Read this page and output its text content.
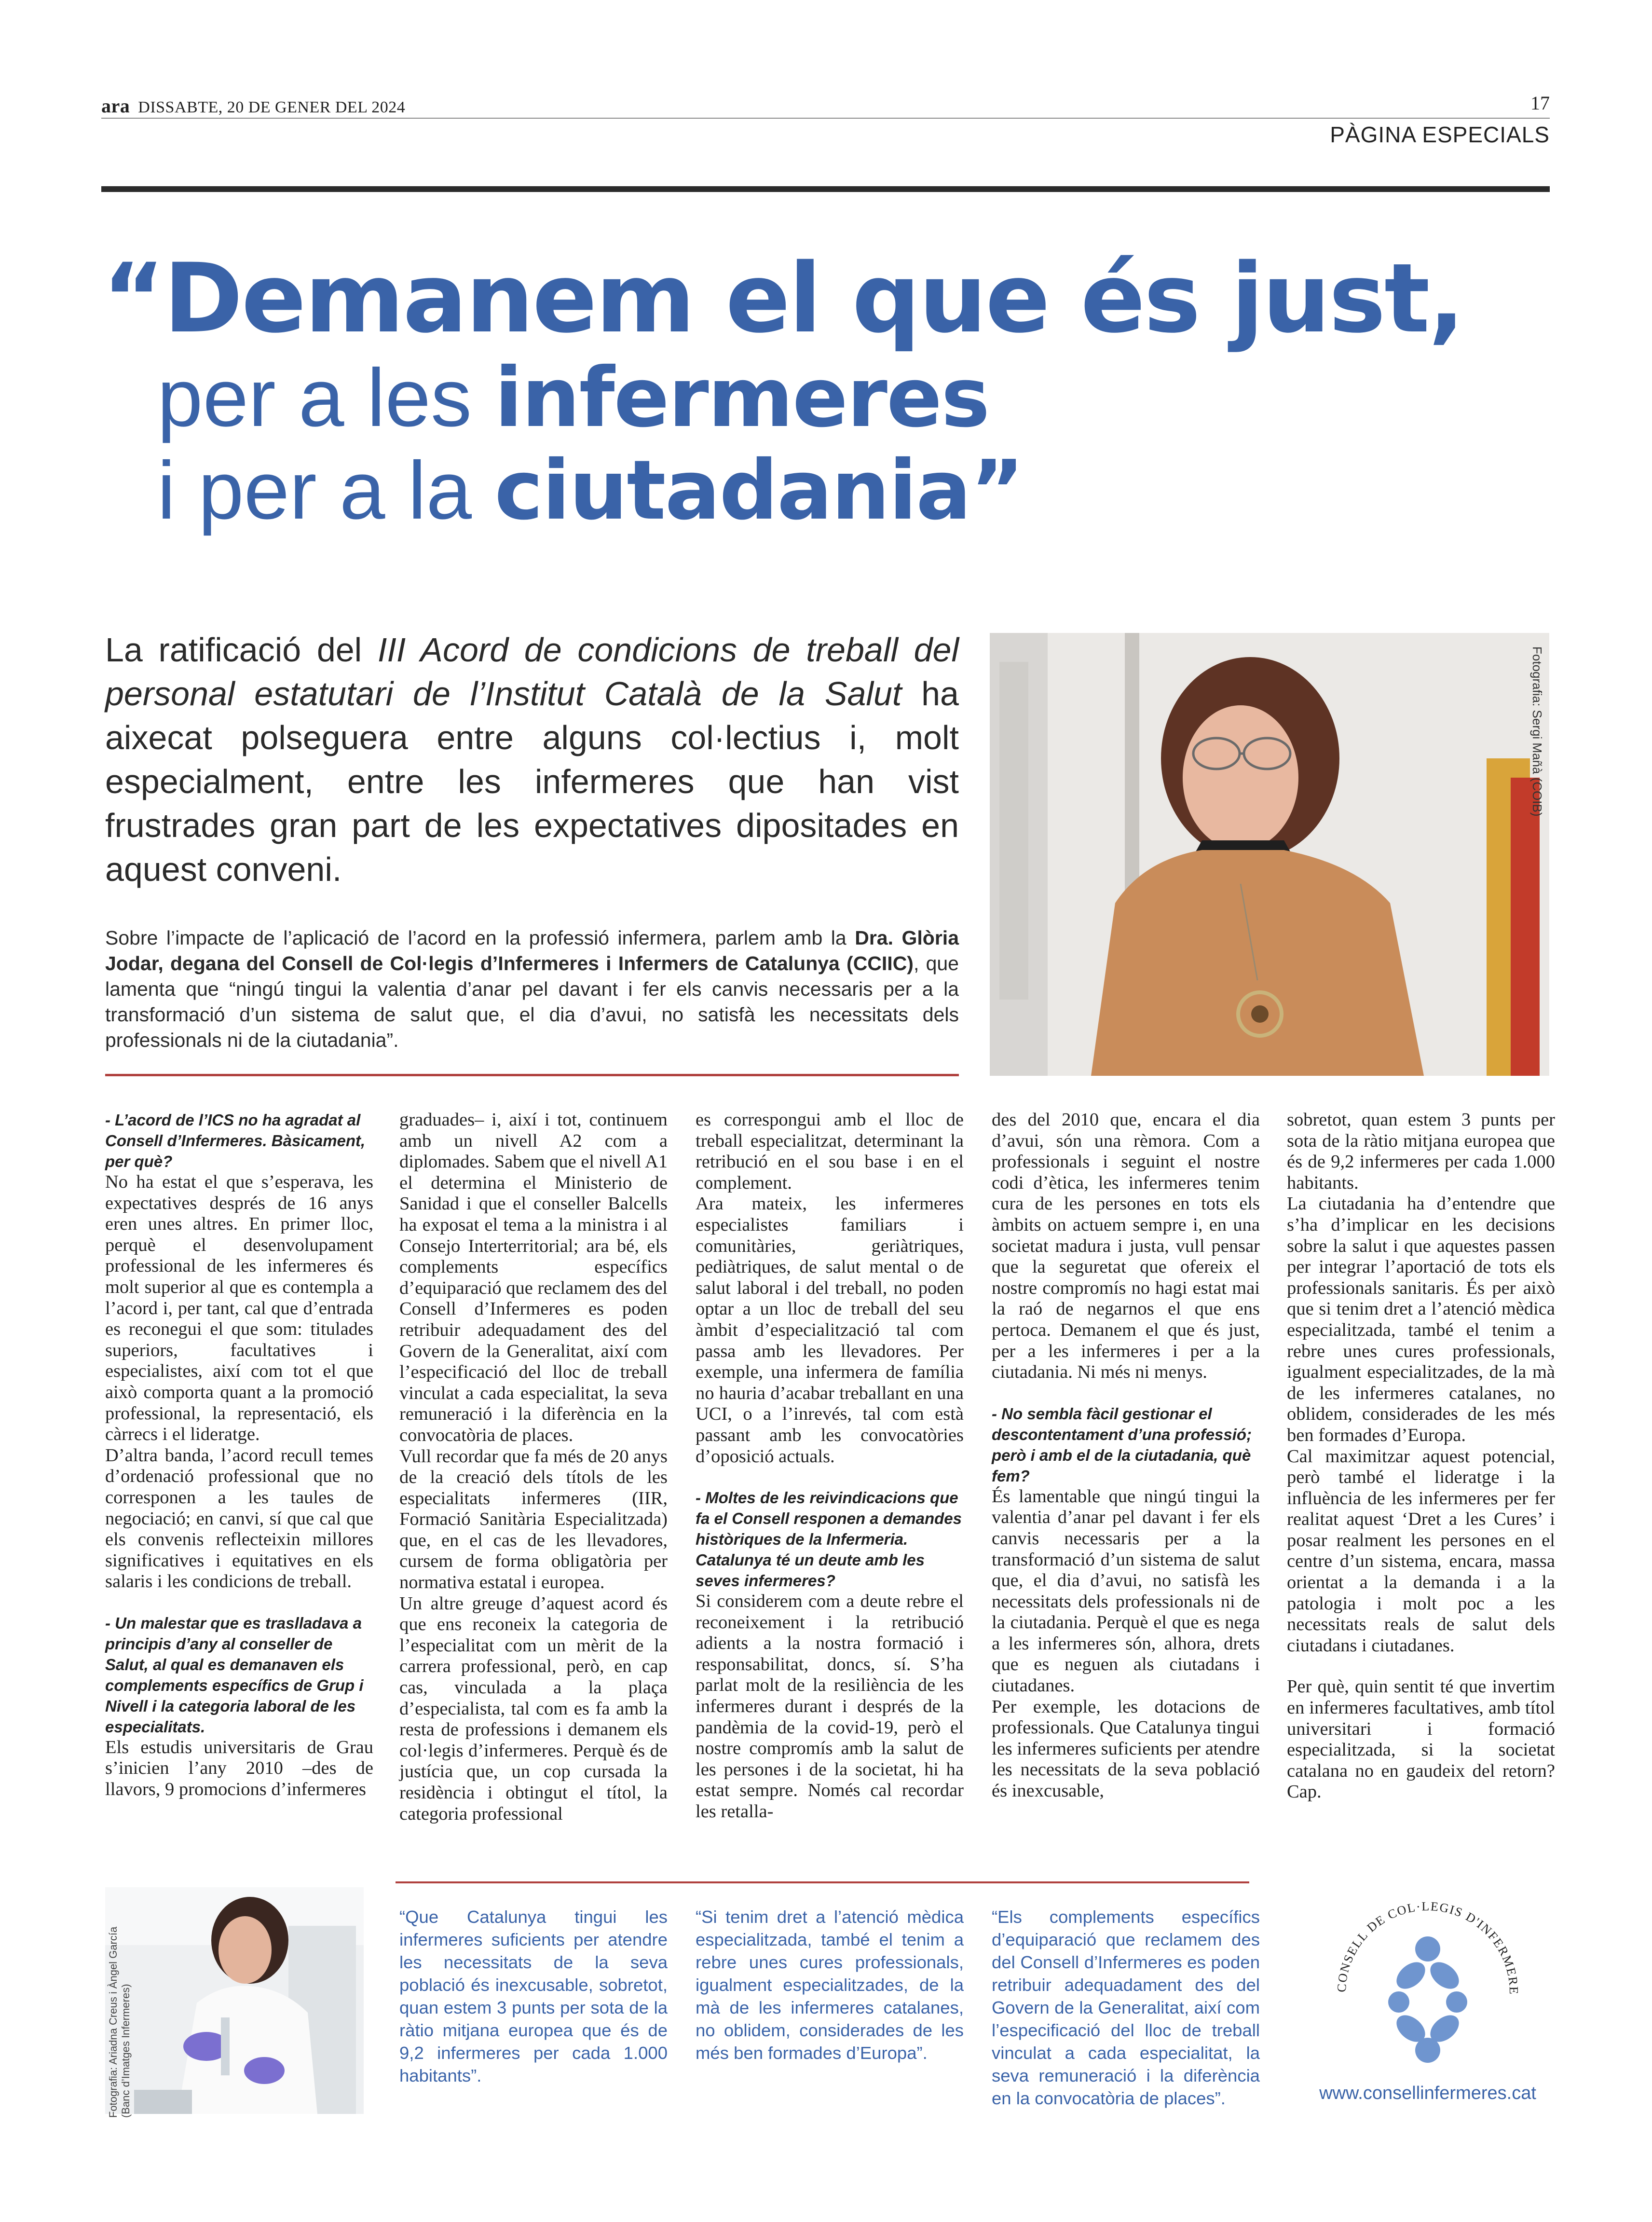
ara DISSABTE, 20 DE GENER DEL 2024	17
PÀGINA ESPECIALS
“Demanem el que és just,
per a les infermeres
i per a la ciutadania”
La ratificació del III Acord de condicions de treball del personal estatutari de l’Institut Català de la Salut ha aixecat polseguera entre alguns col·lectius i, molt especialment, entre les infermeres que han vist frustrades gran part de les expectatives dipositades en aquest conveni.
Sobre l’impacte de l’aplicació de l’acord en la professió infermera, parlem amb la Dra. Glòria Jodar, degana del Consell de Col·legis d’Infermeres i Infermers de Catalunya (CCIIC), que lamenta que “ningú tingui la valentia d’anar pel davant i fer els canvis necessaris per a la transformació d’un sistema de salut que, el dia d’avui, no satisfà les necessitats dels professionals ni de la ciutadania”.
Fotografia: Sergi Mañà (COIB)

- L’acord de l’ICS no ha agradat al Consell d’Infermeres. Bàsicament, per què?

No ha estat el que s’esperava, les expectatives després de 16 anys eren unes altres. En primer lloc, perquè el desenvolupament professional de les infermeres és molt superior al que es contempla a l’acord i, per tant, cal que d’entrada es reconegui el que som: titulades superiors, facultatives i especialistes, així com tot el que això comporta quant a la promoció professional, la representació, els càrrecs i el lideratge.

D’altra banda, l’acord recull temes d’ordenació professional que no corresponen a les taules de negociació; en canvi, sí que cal que els convenis reflecteixin millores significatives i equitatives en els salaris i les condicions de treball.

- Un malestar que es traslladava a principis d’any al conseller de Salut, al qual es demanaven els complements específics de Grup i Nivell i la categoria laboral de les especialitats.

Els estudis universitaris de Grau s’inicien l’any 2010 –des de llavors, 9 promocions d’infermeres

graduades– i, així i tot, continuem amb un nivell A2 com a diplomades. Sabem que el nivell A1 el determina el Ministerio de Sanidad i que el conseller Balcells ha exposat el tema a la ministra i al Consejo Interterritorial; ara bé, els complements específics d’equiparació que reclamem des del Consell d’Infermeres es poden retribuir adequadament des del Govern de la Generalitat, així com l’especificació del lloc de treball vinculat a cada especialitat, la seva remuneració i la diferència en la convocatòria de places.

Vull recordar que fa més de 20 anys de la creació dels títols de les especialitats infermeres (IIR, Formació Sanitària Especialitzada) que, en el cas de les llevadores, cursem de forma obligatòria per normativa estatal i europea.

Un altre greuge d’aquest acord és que ens reconeix la categoria de l’especialitat com un mèrit de la carrera professional, però, en cap cas, vinculada a la plaça d’especialista, tal com es fa amb la resta de professions i demanem els col·legis d’infermeres. Perquè és de justícia que, un cop cursada la residència i obtingut el títol, la categoria professional

es correspongui amb el lloc de treball especialitzat, determinant la retribució en el sou base i en el complement.

Ara mateix, les infermeres especialistes familiars i comunitàries, geriàtriques, pediàtriques, de salut mental o de salut laboral i del treball, no poden optar a un lloc de treball del seu àmbit d’especialització tal com passa amb les llevadores. Per exemple, una infermera de família no hauria d’acabar treballant en una UCI, o a l’inrevés, tal com està passant amb les convocatòries d’oposició actuals.

- Moltes de les reivindicacions que fa el Consell responen a demandes històriques de la Infermeria. Catalunya té un deute amb les seves infermeres?

Si considerem com a deute rebre el reconeixement i la retribució adients a la nostra formació i responsabilitat, doncs, sí. S’ha parlat molt de la resiliència de les infermeres durant i després de la pandèmia de la covid-19, però el nostre compromís amb la salut de les persones i de la societat, hi ha estat sempre. Només cal recordar les retalla-

des del 2010 que, encara el dia d’avui, són una rèmora. Com a professionals i seguint el nostre codi d’ètica, les infermeres tenim cura de les persones en tots els àmbits on actuem sempre i, en una societat madura i justa, vull pensar que la seguretat que ofereix el nostre compromís no hagi estat mai la raó de negarnos el que ens pertoca. Demanem el que és just, per a les infermeres i per a la ciutadania. Ni més ni menys.

- No sembla fàcil gestionar el descontentament d’una professió; però i amb el de la ciutadania, què fem?

És lamentable que ningú tingui la valentia d’anar pel davant i fer els canvis necessaris per a la transformació d’un sistema de salut que, el dia d’avui, no satisfà les necessitats dels professionals ni de la ciutadania. Perquè el que es nega a les infermeres són, alhora, drets que es neguen als ciutadans i ciutadanes.

Per exemple, les dotacions de professionals. Que Catalunya tingui les infermeres suficients per atendre les necessitats de la seva població és inexcusable,

sobretot, quan estem 3 punts per sota de la ràtio mitjana europea que és de 9,2 infermeres per cada 1.000 habitants.

La ciutadania ha d’entendre que s’ha d’implicar en les decisions sobre la salut i que aquestes passen per integrar l’aportació de tots els professionals sanitaris. És per això que si tenim dret a l’atenció mèdica especialitzada, també el tenim a rebre unes cures professionals, igualment especialitzades, de la mà de les infermeres catalanes, no oblidem, considerades de les més ben formades d’Europa.

Cal maximitzar aquest potencial, però també el lideratge i la influència de les infermeres per fer realitat aquest ‘Dret a les Cures’ i posar realment les persones en el centre d’un sistema, encara, massa orientat a la demanda i a la patologia i molt poc a les necessitats reals de salut dels ciutadans i ciutadanes.

Per què, quin sentit té que invertim en infermeres facultatives, amb títol universitari i formació especialitzada, si la societat catalana no en gaudeix del retorn? Cap.

“Que Catalunya tingui les infermeres suficients per atendre les necessitats de la seva població és inexcusable, sobretot, quan estem 3 punts per sota de la ràtio mitjana europea que és de 9,2 infermeres per cada 1.000 habitants”.
“Si tenim dret a l’atenció mèdica especialitzada, també el tenim a rebre unes cures professionals, igualment especialitzades, de la mà de les infermeres catalanes, no oblidem, considerades de les més ben formades d’Europa”.
“Els complements específics d’equiparació que reclamem des del Consell d’Infermeres es poden retribuir adequadament des del Govern de la Generalitat, així com l’especificació del lloc de treball vinculat a cada especialitat, la seva remuneració i la diferència en la convocatòria de places”.
CONSELL DE COL·LEGIS D'INFERMERE
www.consellinfermeres.cat
